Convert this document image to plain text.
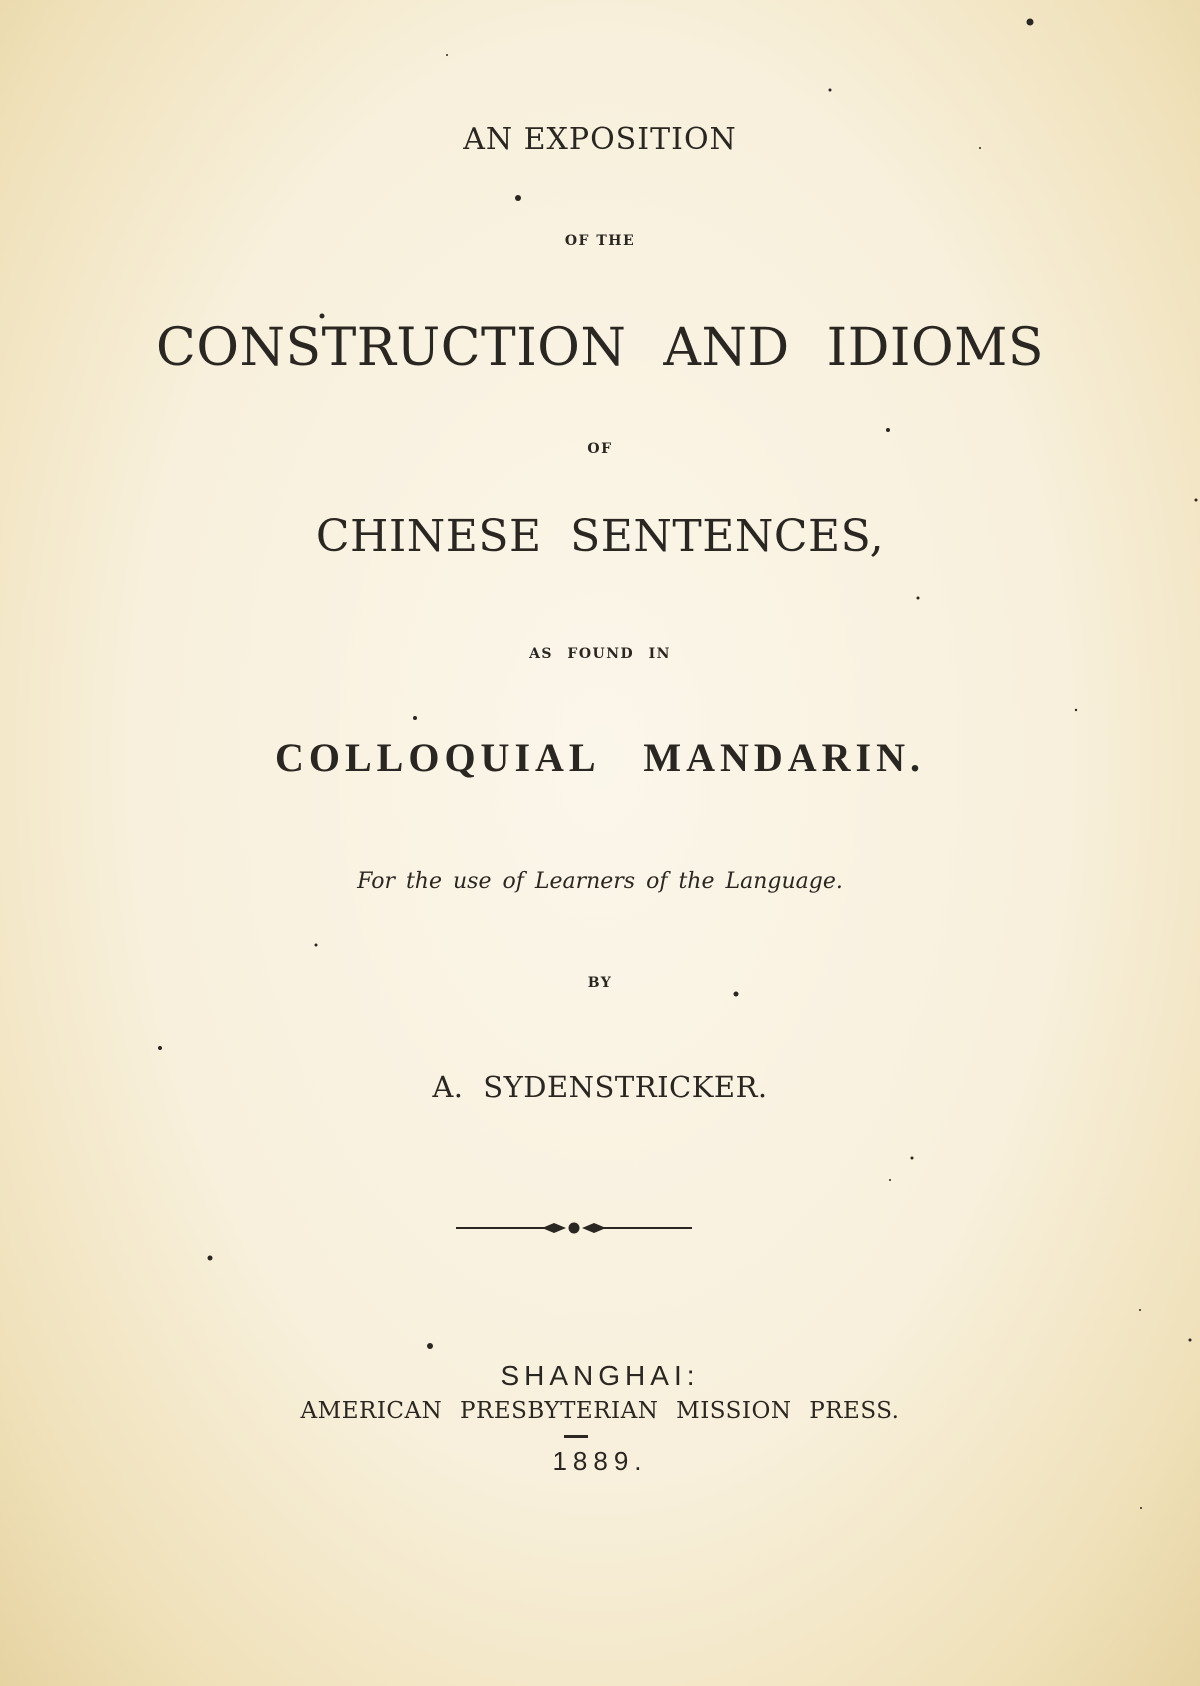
AN EXPOSITION
OF THE
CONSTRUCTION AND IDIOMS
OF
CHINESE SENTENCES,
AS FOUND IN
COLLOQUIAL MANDARIN.
For the use of Learners of the Language.
BY
A. SYDENSTRICKER.
SHANGHAI:
AMERICAN PRESBYTERIAN MISSION PRESS.
1889.
